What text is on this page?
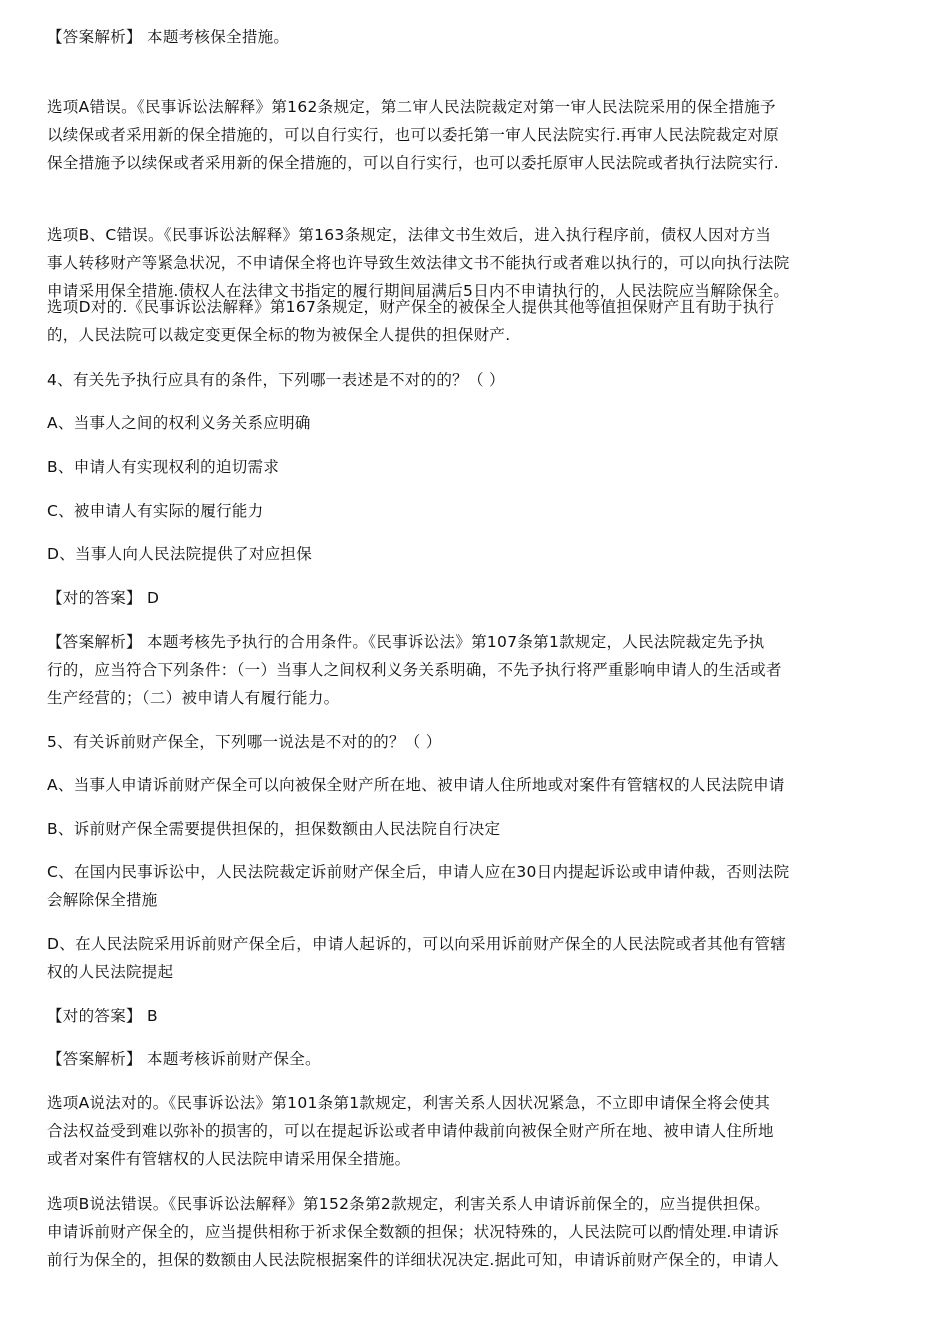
【答案解析】 本题考核保全措施。
选项A错误。《民事诉讼法解释》第162条规定，第二审人民法院裁定对第一审人民法院采用的保全措施予
以续保或者采用新的保全措施的，可以自行实行，也可以委托第一审人民法院实行.再审人民法院裁定对原
保全措施予以续保或者采用新的保全措施的，可以自行实行，也可以委托原审人民法院或者执行法院实行.
选项B、C错误。《民事诉讼法解释》第163条规定，法律文书生效后，进入执行程序前，债权人因对方当
事人转移财产等紧急状况，不申请保全将也许导致生效法律文书不能执行或者难以执行的，可以向执行法院
申请采用保全措施.债权人在法律文书指定的履行期间届满后5日内不申请执行的，人民法院应当解除保全。
选项D对的.《民事诉讼法解释》第167条规定，财产保全的被保全人提供其他等值担保财产且有助于执行
的，人民法院可以裁定变更保全标的物为被保全人提供的担保财产.
4、有关先予执行应具有的条件，下列哪一表述是不对的的？（ ）
A、当事人之间的权利义务关系应明确
B、申请人有实现权利的迫切需求
C、被申请人有实际的履行能力
D、当事人向人民法院提供了对应担保
【对的答案】 D
【答案解析】 本题考核先予执行的合用条件。《民事诉讼法》第107条第1款规定，人民法院裁定先予执
行的，应当符合下列条件：（一）当事人之间权利义务关系明确，不先予执行将严重影响申请人的生活或者
生产经营的；（二）被申请人有履行能力。
5、有关诉前财产保全，下列哪一说法是不对的的？（ ）
A、当事人申请诉前财产保全可以向被保全财产所在地、被申请人住所地或对案件有管辖权的人民法院申请
B、诉前财产保全需要提供担保的，担保数额由人民法院自行决定
C、在国内民事诉讼中，人民法院裁定诉前财产保全后，申请人应在30日内提起诉讼或申请仲裁，否则法院
会解除保全措施
D、在人民法院采用诉前财产保全后，申请人起诉的，可以向采用诉前财产保全的人民法院或者其他有管辖
权的人民法院提起
【对的答案】 B
【答案解析】 本题考核诉前财产保全。
选项A说法对的。《民事诉讼法》第101条第1款规定，利害关系人因状况紧急，不立即申请保全将会使其
合法权益受到难以弥补的损害的，可以在提起诉讼或者申请仲裁前向被保全财产所在地、被申请人住所地
或者对案件有管辖权的人民法院申请采用保全措施。
选项B说法错误。《民事诉讼法解释》第152条第2款规定，利害关系人申请诉前保全的，应当提供担保。
申请诉前财产保全的，应当提供相称于祈求保全数额的担保；状况特殊的，人民法院可以酌情处理.申请诉
前行为保全的，担保的数额由人民法院根据案件的详细状况决定.据此可知，申请诉前财产保全的，申请人
